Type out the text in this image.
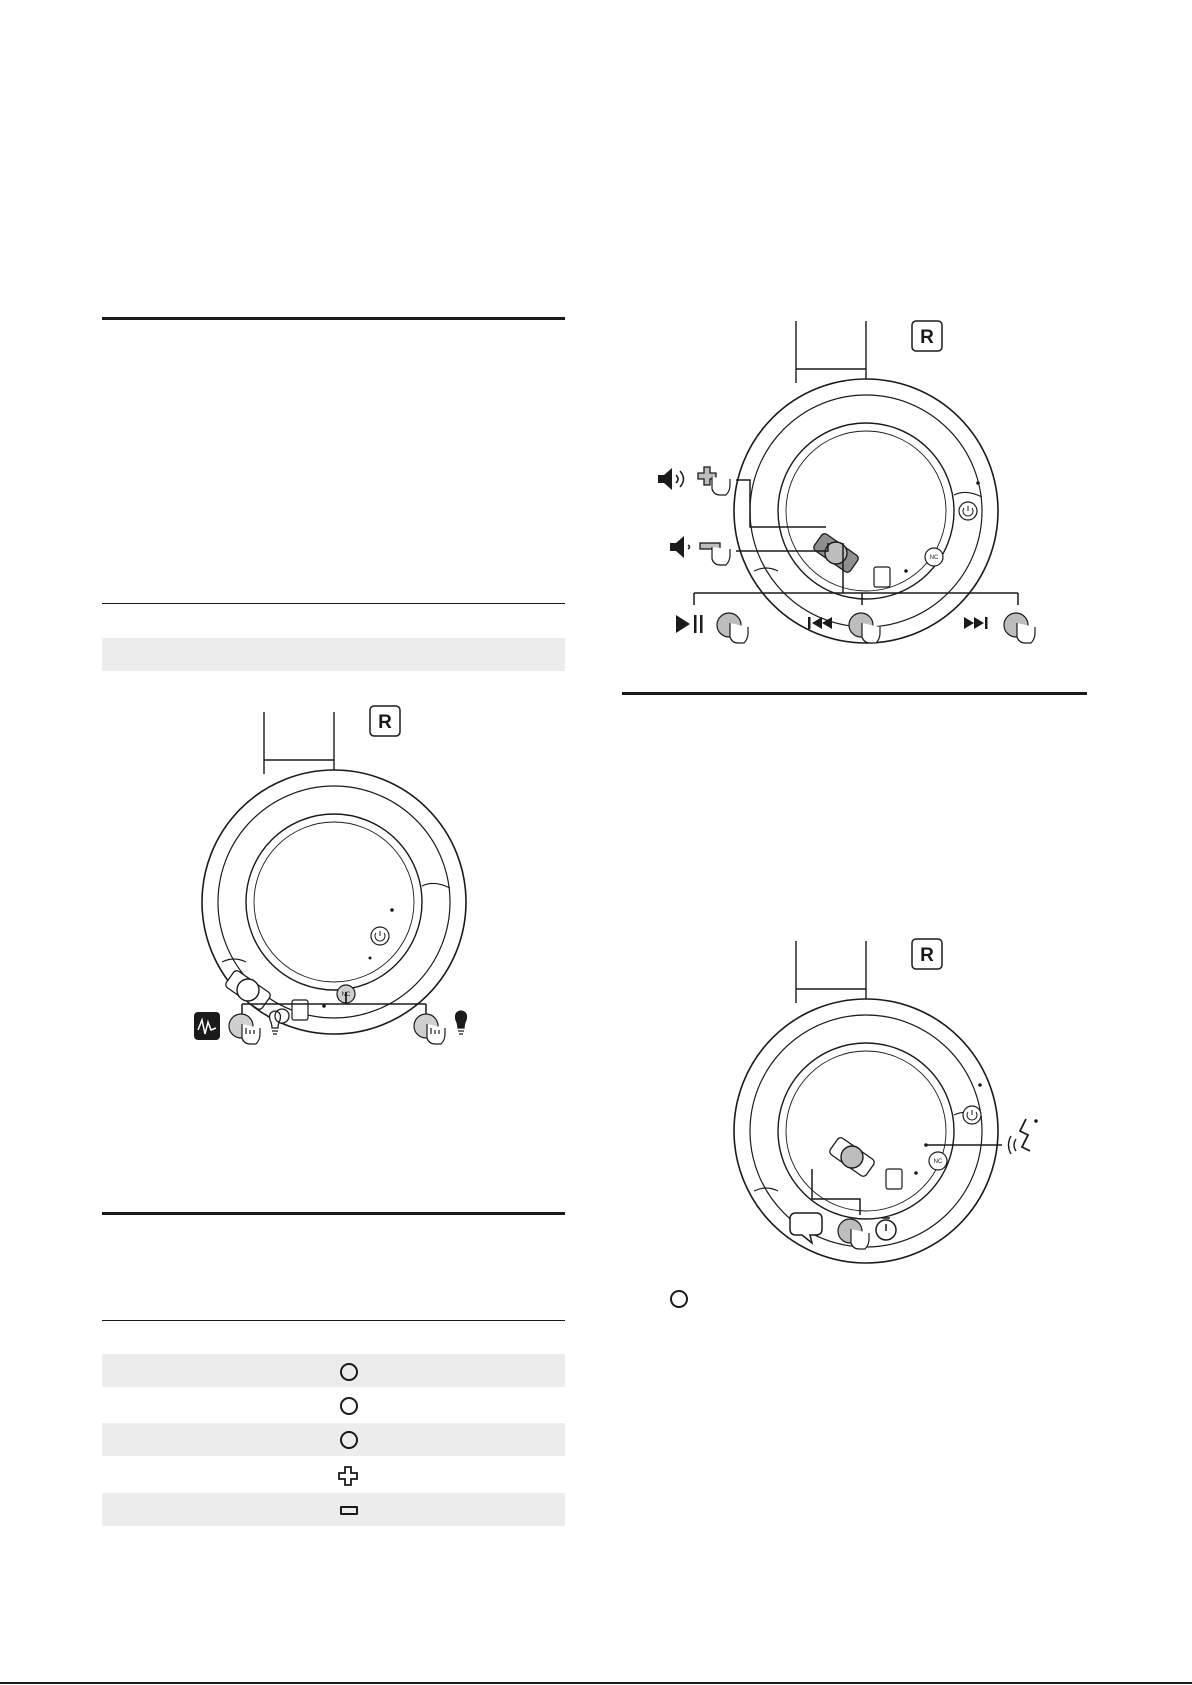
NC
R
NC
R
NC
R
